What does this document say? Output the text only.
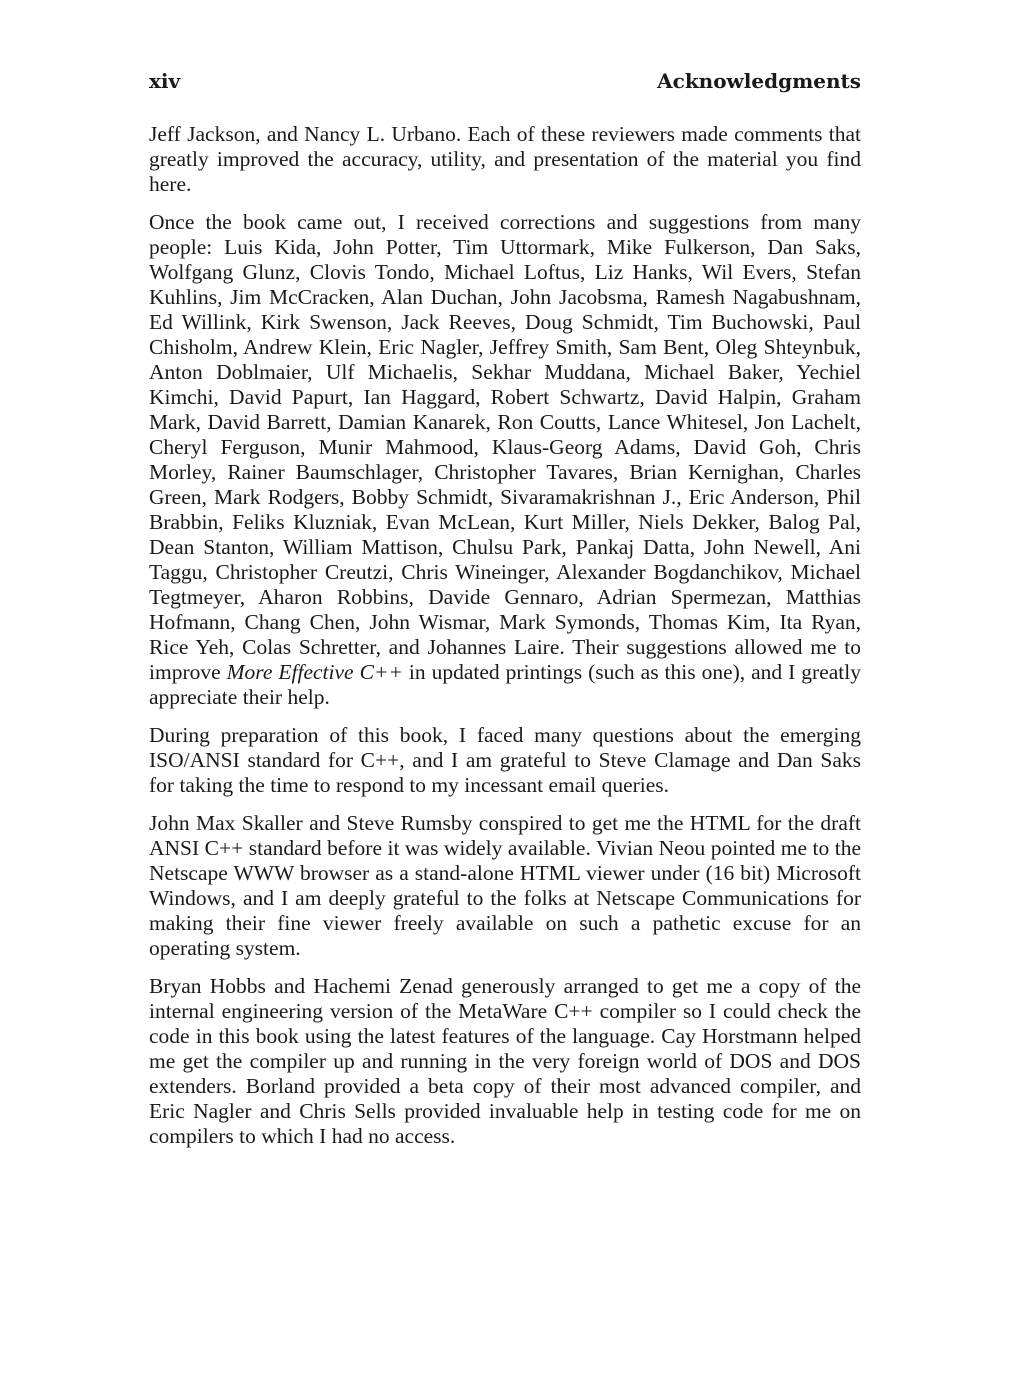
xiv	Acknowledgments

Jeff Jackson, and Nancy L. Urbano. Each of these reviewers made comments that greatly improved the accuracy, utility, and presentation of the material you find here.

Once the book came out, I received corrections and suggestions from many people: Luis Kida, John Potter, Tim Uttormark, Mike Fulkerson, Dan Saks, Wolfgang Glunz, Clovis Tondo, Michael Loftus, Liz Hanks, Wil Evers, Stefan Kuhlins, Jim McCracken, Alan Duchan, John Jacobsma, Ramesh Nagabushnam, Ed Willink, Kirk Swenson, Jack Reeves, Doug Schmidt, Tim Buchowski, Paul Chisholm, Andrew Klein, Eric Nagler, Jeffrey Smith, Sam Bent, Oleg Shteynbuk, Anton Doblmaier, Ulf Michaelis, Sekhar Muddana, Michael Baker, Yechiel Kimchi, David Papurt, Ian Haggard, Robert Schwartz, David Halpin, Graham Mark, David Barrett, Damian Kanarek, Ron Coutts, Lance Whitesel, Jon Lachelt, Cheryl Ferguson, Munir Mahmood, Klaus-Georg Adams, David Goh, Chris Morley, Rainer Baumschlager, Christopher Tavares, Brian Kernighan, Charles Green, Mark Rodgers, Bobby Schmidt, Sivaramakrishnan J., Eric Anderson, Phil Brabbin, Feliks Kluzniak, Evan McLean, Kurt Miller, Niels Dekker, Balog Pal, Dean Stanton, William Mattison, Chulsu Park, Pankaj Datta, John Newell, Ani Taggu, Christopher Creutzi, Chris Wineinger, Alexander Bogdanchikov, Michael Tegtmeyer, Aharon Robbins, Davide Gennaro, Adrian Spermezan, Matthias Hofmann, Chang Chen, John Wismar, Mark Symonds, Thomas Kim, Ita Ryan, Rice Yeh, Colas Schretter, and Johannes Laire. Their suggestions allowed me to improve More Effective C++ in updated printings (such as this one), and I greatly appreciate their help.

During preparation of this book, I faced many questions about the emerging ISO/ANSI standard for C++, and I am grateful to Steve Clamage and Dan Saks for taking the time to respond to my incessant email queries.

John Max Skaller and Steve Rumsby conspired to get me the HTML for the draft ANSI C++ standard before it was widely available. Vivian Neou pointed me to the Netscape WWW browser as a stand-alone HTML viewer under (16 bit) Microsoft Windows, and I am deeply grateful to the folks at Netscape Communications for making their fine viewer freely available on such a pathetic excuse for an operating system.

Bryan Hobbs and Hachemi Zenad generously arranged to get me a copy of the internal engineering version of the MetaWare C++ compiler so I could check the code in this book using the latest features of the language. Cay Horstmann helped me get the compiler up and running in the very foreign world of DOS and DOS extenders. Borland provided a beta copy of their most advanced compiler, and Eric Nagler and Chris Sells provided invaluable help in testing code for me on compilers to which I had no access.
